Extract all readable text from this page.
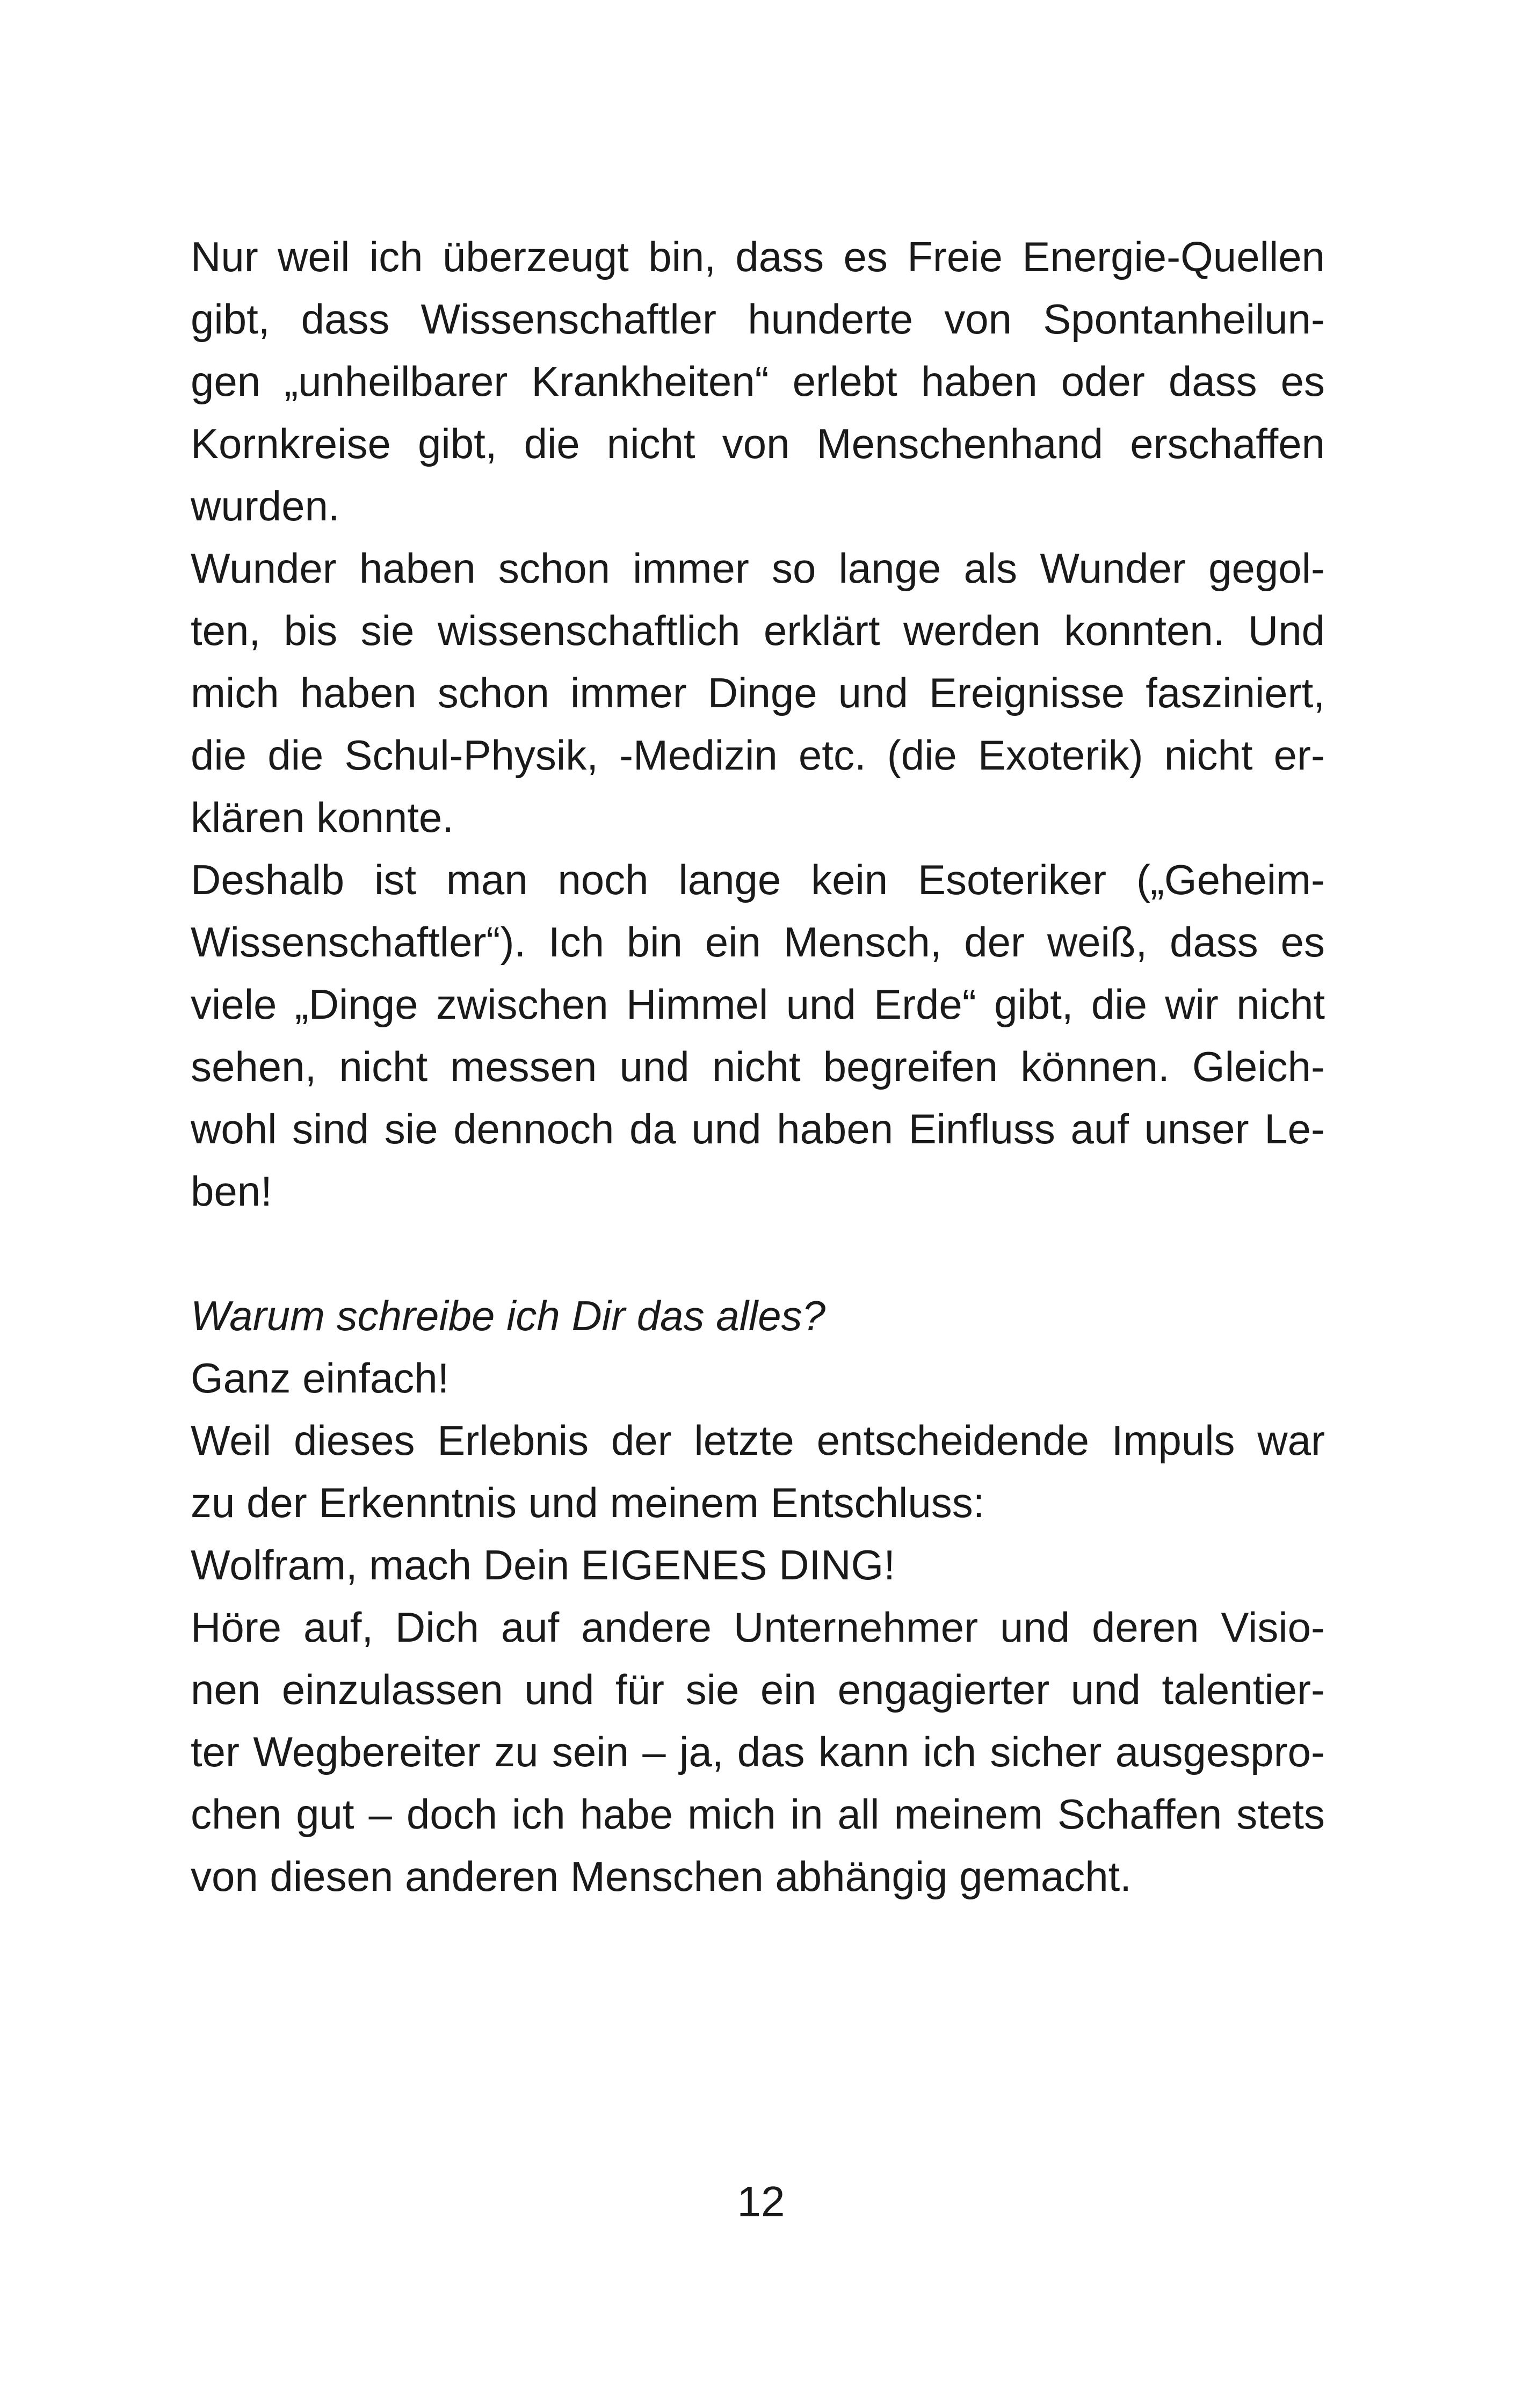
Nur weil ich überzeugt bin, dass es Freie Energie-Quellen
gibt, dass Wissenschaftler hunderte von Spontanheilun-
gen „unheilbarer Krankheiten“ erlebt haben oder dass es
Kornkreise gibt, die nicht von Menschenhand erschaffen
wurden.
Wunder haben schon immer so lange als Wunder gegol-
ten, bis sie wissenschaftlich erklärt werden konnten. Und
mich haben schon immer Dinge und Ereignisse fasziniert,
die die Schul-Physik, -Medizin etc. (die Exoterik) nicht er-
klären konnte.
Deshalb ist man noch lange kein Esoteriker („Geheim-
Wissenschaftler“). Ich bin ein Mensch, der weiß, dass es
viele „Dinge zwischen Himmel und Erde“ gibt, die wir nicht
sehen, nicht messen und nicht begreifen können. Gleich-
wohl sind sie dennoch da und haben Einfluss auf unser Le-
ben!
Warum schreibe ich Dir das alles?
Ganz einfach!
Weil dieses Erlebnis der letzte entscheidende Impuls war
zu der Erkenntnis und meinem Entschluss:
Wolfram, mach Dein EIGENES DING!
Höre auf, Dich auf andere Unternehmer und deren Visio-
nen einzulassen und für sie ein engagierter und talentier-
ter Wegbereiter zu sein – ja, das kann ich sicher ausgespro-
chen gut – doch ich habe mich in all meinem Schaffen stets
von diesen anderen Menschen abhängig gemacht.
12
